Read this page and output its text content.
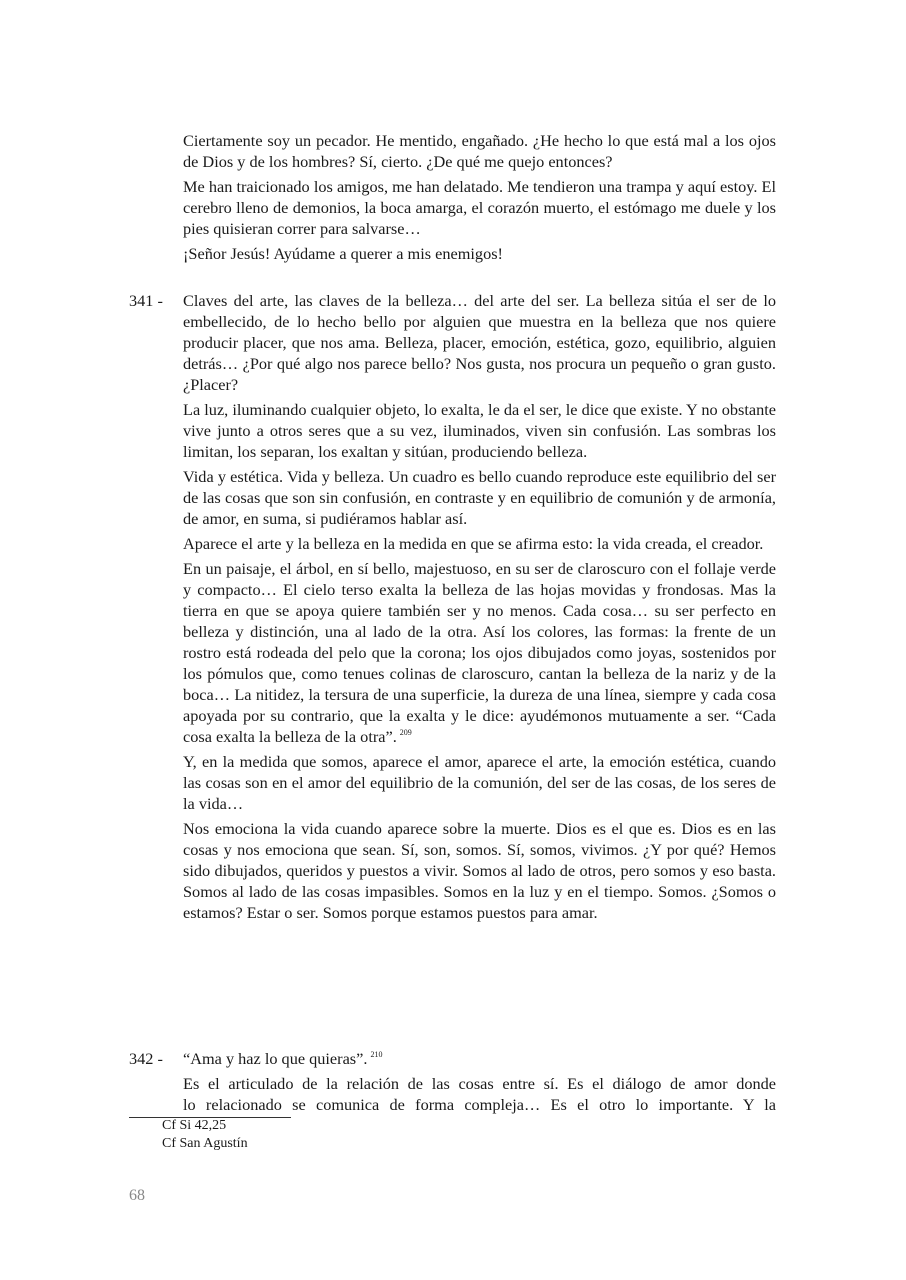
Ciertamente soy un pecador. He mentido, engañado. ¿He hecho lo que está mal a los ojos de Dios y de los hombres? Sí, cierto. ¿De qué me quejo entonces?

Me han traicionado los amigos, me han delatado. Me tendieron una trampa y aquí estoy. El cerebro lleno de demonios, la boca amarga, el corazón muerto, el estómago me duele y los pies quisieran correr para salvarse…

¡Señor Jesús! Ayúdame a querer a mis enemigos!

341 - Claves del arte, las claves de la belleza… del arte del ser. La belleza sitúa el ser de lo embellecido, de lo hecho bello por alguien que muestra en la belleza que nos quiere producir placer, que nos ama. Belleza, placer, emoción, estética, gozo, equilibrio, alguien detrás… ¿Por qué algo nos parece bello? Nos gusta, nos procura un pequeño o gran gusto. ¿Placer?

La luz, iluminando cualquier objeto, lo exalta, le da el ser, le dice que existe. Y no obstante vive junto a otros seres que a su vez, iluminados, viven sin confusión. Las sombras los limitan, los separan, los exaltan y sitúan, produciendo belleza.

Vida y estética. Vida y belleza. Un cuadro es bello cuando reproduce este equilibrio del ser de las cosas que son sin confusión, en contraste y en equilibrio de comunión y de armonía, de amor, en suma, si pudiéramos hablar así.

Aparece el arte y la belleza en la medida en que se afirma esto: la vida creada, el creador.

En un paisaje, el árbol, en sí bello, majestuoso, en su ser de claroscuro con el follaje verde y compacto… El cielo terso exalta la belleza de las hojas movidas y frondosas. Mas la tierra en que se apoya quiere también ser y no menos. Cada cosa… su ser perfecto en belleza y distinción, una al lado de la otra. Así los colores, las formas: la frente de un rostro está rodeada del pelo que la corona; los ojos dibujados como joyas, sostenidos por los pómulos que, como tenues colinas de claroscuro, cantan la belleza de la nariz y de la boca… La nitidez, la tersura de una superficie, la dureza de una línea, siempre y cada cosa apoyada por su contrario, que la exalta y le dice: ayudémonos mutuamente a ser. “Cada cosa exalta la belleza de la otra”. $^{209}$

Y, en la medida que somos, aparece el amor, aparece el arte, la emoción estética, cuando las cosas son en el amor del equilibrio de la comunión, del ser de las cosas, de los seres de la vida…

Nos emociona la vida cuando aparece sobre la muerte. Dios es el que es. Dios es en las cosas y nos emociona que sean. Sí, son, somos. Sí, somos, vivimos. ¿Y por qué? Hemos sido dibujados, queridos y puestos a vivir. Somos al lado de otros, pero somos y eso basta. Somos al lado de las cosas impasibles. Somos en la luz y en el tiempo. Somos. ¿Somos o estamos? Estar o ser. Somos porque estamos puestos para amar.

342 - “Ama y haz lo que quieras”. $^{210}$

Es el articulado de la relación de las cosas entre sí. Es el diálogo de amor donde

lo relacionado se comunica de forma compleja… Es el otro lo importante. Y la

Cf Si 42,25
Cf San Agustín
68
